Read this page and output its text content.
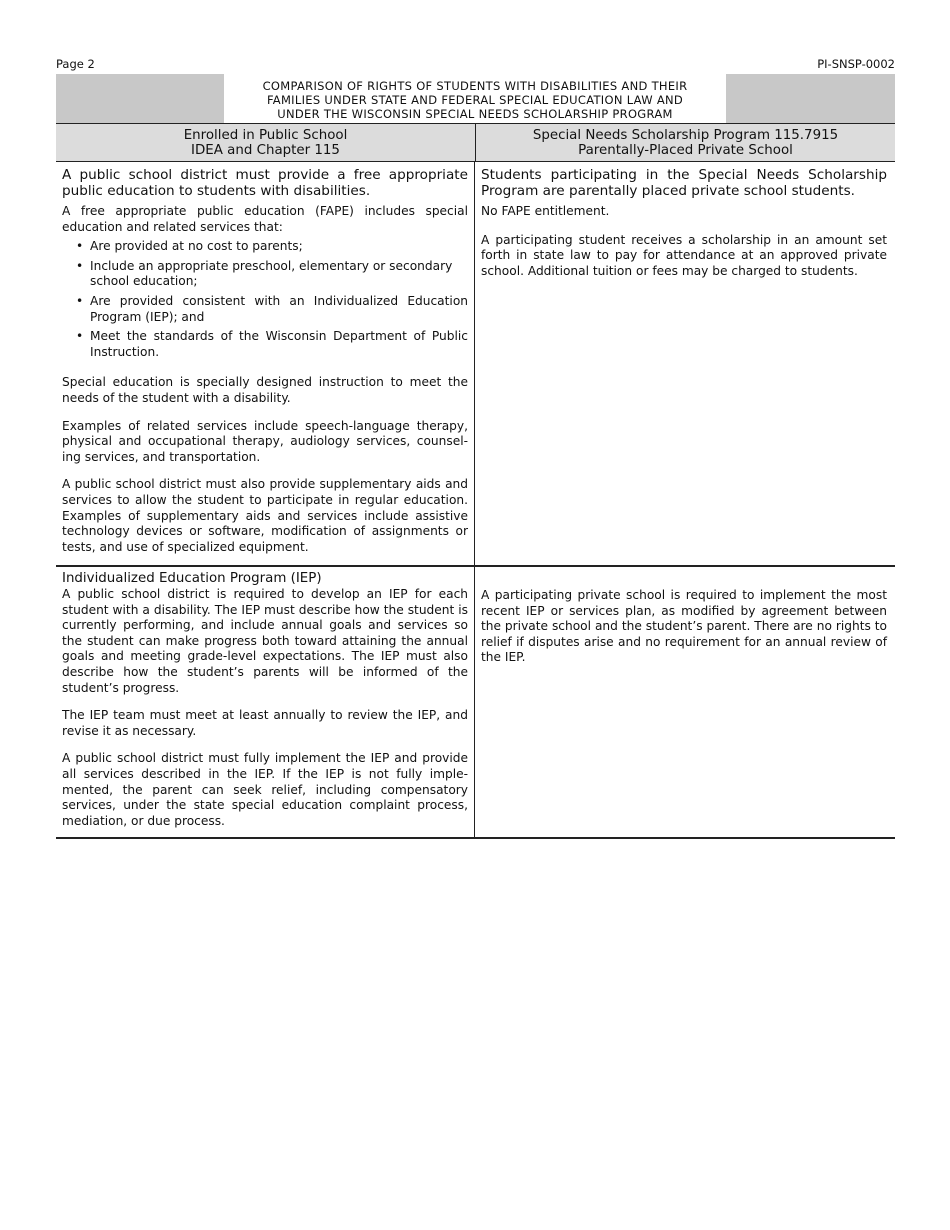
Page 2	PI-SNSP-0002
COMPARISON OF RIGHTS OF STUDENTS WITH DISABILITIES AND THEIR
FAMILIES UNDER STATE AND FEDERAL SPECIAL EDUCATION LAW AND
UNDER THE WISCONSIN SPECIAL NEEDS SCHOLARSHIP PROGRAM
Enrolled in Public School
IDEA and Chapter 115
Special Needs Scholarship Program 115.7915
Parentally-Placed Private School

A public school district must provide a free appropriate public education to students with disabilities.

A free appropriate public education (FAPE) includes special education and related services that:

• Are provided at no cost to parents;
• Include an appropriate preschool, elementary or secondary school education;
• Are provided consistent with an Individualized Education Program (IEP); and
• Meet the standards of the Wisconsin Department of Public Instruction.

Special education is specially designed instruction to meet the needs of the student with a disability.

Examples of related services include speech-language therapy, physical and occupational therapy, audiology services, counsel-ing services, and transportation.

A public school district must also provide supplementary aids and services to allow the student to participate in regular education. Examples of supplementary aids and services include assistive technology devices or software, modification of assignments or tests, and use of specialized equipment.

Students participating in the Special Needs Scholarship Program are parentally placed private school students.

No FAPE entitlement.

A participating student receives a scholarship in an amount set forth in state law to pay for attendance at an approved private school. Additional tuition or fees may be charged to students.

Individualized Education Program (IEP)

A public school district is required to develop an IEP for each student with a disability. The IEP must describe how the student is currently performing, and include annual goals and services so the student can make progress both toward attaining the annual goals and meeting grade-level expectations. The IEP must also describe how the student’s parents will be informed of the student’s progress.

The IEP team must meet at least annually to review the IEP, and revise it as necessary.

A public school district must fully implement the IEP and provide all services described in the IEP. If the IEP is not fully imple-mented, the parent can seek relief, including compensatory services, under the state special education complaint process, mediation, or due process.

A participating private school is required to implement the most recent IEP or services plan, as modified by agreement between the private school and the student’s parent. There are no rights to relief if disputes arise and no requirement for an annual review of the IEP.
